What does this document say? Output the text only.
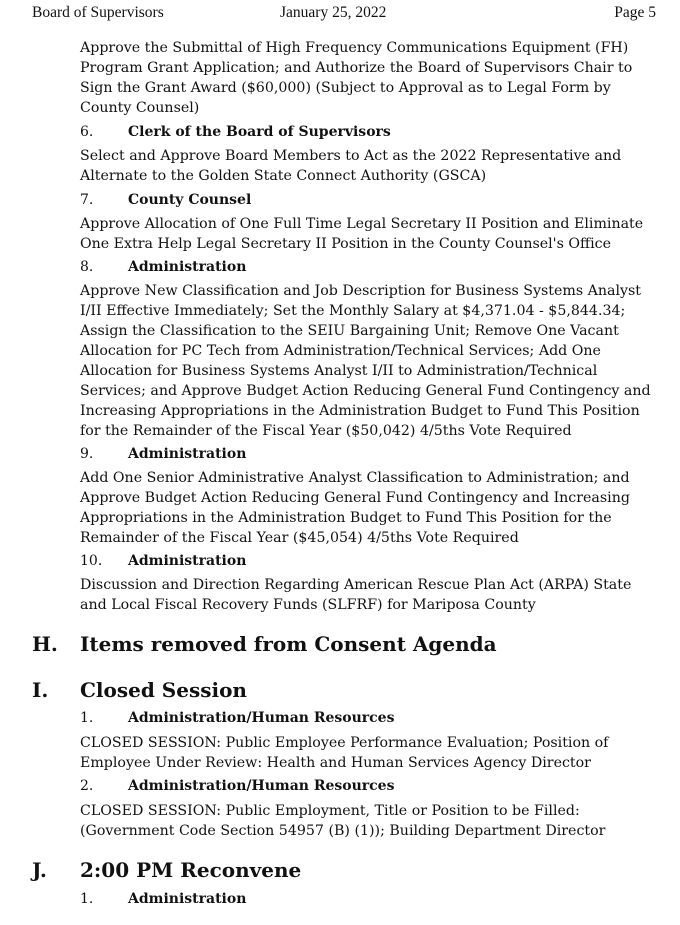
Board of Supervisors	January 25, 2022	Page 5
Approve the Submittal of High Frequency Communications Equipment (FH)
Program Grant Application; and Authorize the Board of Supervisors Chair to
Sign the Grant Award ($60,000) (Subject to Approval as to Legal Form by
County Counsel)
6. Clerk of the Board of Supervisors
Select and Approve Board Members to Act as the 2022 Representative and
Alternate to the Golden State Connect Authority (GSCA)
7. County Counsel
Approve Allocation of One Full Time Legal Secretary II Position and Eliminate
One Extra Help Legal Secretary II Position in the County Counsel's Office
8. Administration
Approve New Classification and Job Description for Business Systems Analyst
I/II Effective Immediately; Set the Monthly Salary at $4,371.04 - $5,844.34;
Assign the Classification to the SEIU Bargaining Unit; Remove One Vacant
Allocation for PC Tech from Administration/Technical Services; Add One
Allocation for Business Systems Analyst I/II to Administration/Technical
Services; and Approve Budget Action Reducing General Fund Contingency and
Increasing Appropriations in the Administration Budget to Fund This Position
for the Remainder of the Fiscal Year ($50,042) 4/5ths Vote Required
9. Administration
Add One Senior Administrative Analyst Classification to Administration; and
Approve Budget Action Reducing General Fund Contingency and Increasing
Appropriations in the Administration Budget to Fund This Position for the
Remainder of the Fiscal Year ($45,054) 4/5ths Vote Required
10. Administration
Discussion and Direction Regarding American Rescue Plan Act (ARPA) State
and Local Fiscal Recovery Funds (SLFRF) for Mariposa County
H. Items removed from Consent Agenda
I. Closed Session
1. Administration/Human Resources
CLOSED SESSION: Public Employee Performance Evaluation; Position of
Employee Under Review: Health and Human Services Agency Director
2. Administration/Human Resources
CLOSED SESSION: Public Employment, Title or Position to be Filled:
(Government Code Section 54957 (B) (1)); Building Department Director
J. 2:00 PM Reconvene
1. Administration
